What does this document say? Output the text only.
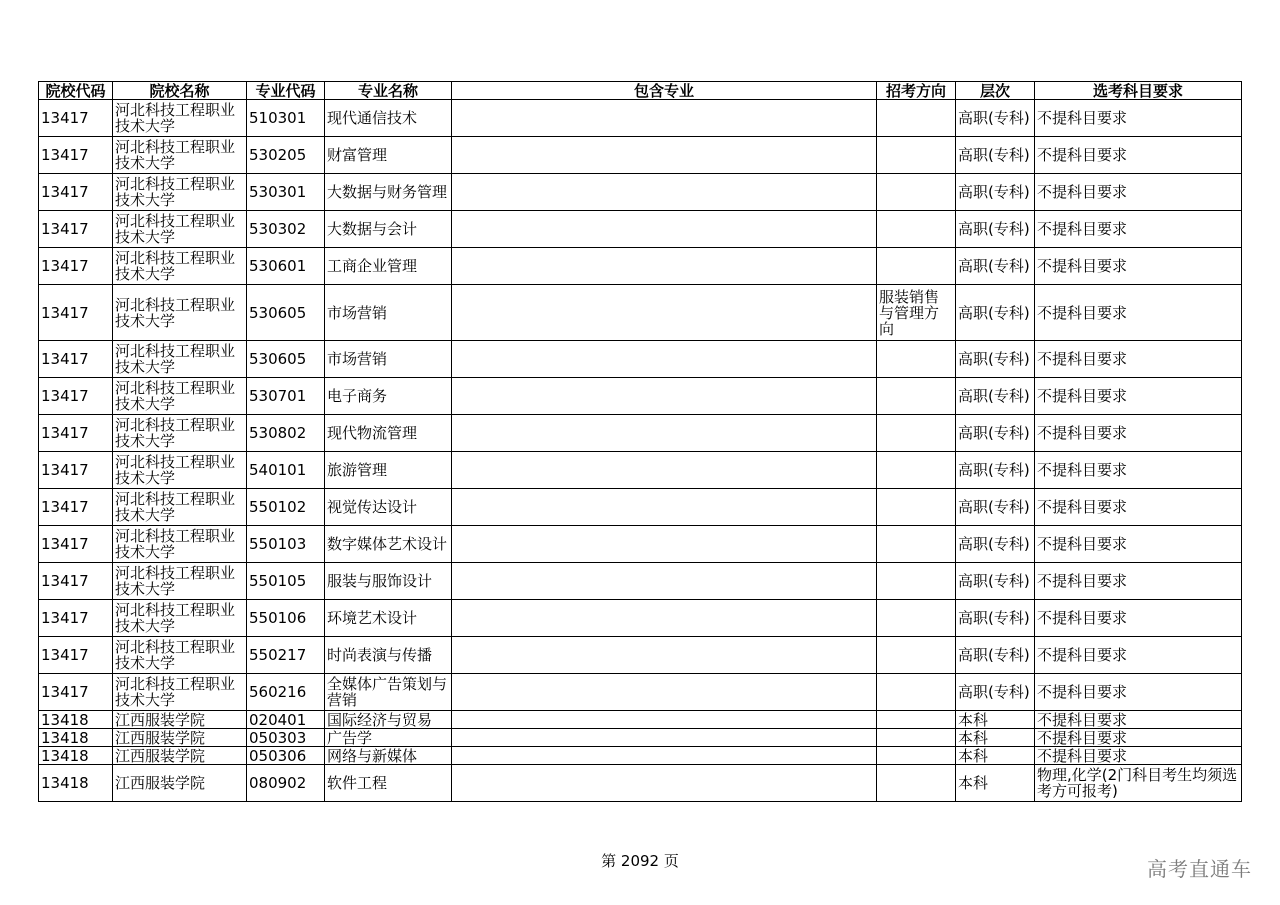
院校代码	院校名称	专业代码	专业名称	包含专业	招考方向	层次	选考科目要求
13417	河北科技工程职业技术大学	510301	现代通信技术			高职(专科)	不提科目要求
13417	河北科技工程职业技术大学	530205	财富管理			高职(专科)	不提科目要求
13417	河北科技工程职业技术大学	530301	大数据与财务管理			高职(专科)	不提科目要求
13417	河北科技工程职业技术大学	530302	大数据与会计			高职(专科)	不提科目要求
13417	河北科技工程职业技术大学	530601	工商企业管理			高职(专科)	不提科目要求
13417	河北科技工程职业技术大学	530605	市场营销		服装销售与管理方向	高职(专科)	不提科目要求
13417	河北科技工程职业技术大学	530605	市场营销			高职(专科)	不提科目要求
13417	河北科技工程职业技术大学	530701	电子商务			高职(专科)	不提科目要求
13417	河北科技工程职业技术大学	530802	现代物流管理			高职(专科)	不提科目要求
13417	河北科技工程职业技术大学	540101	旅游管理			高职(专科)	不提科目要求
13417	河北科技工程职业技术大学	550102	视觉传达设计			高职(专科)	不提科目要求
13417	河北科技工程职业技术大学	550103	数字媒体艺术设计			高职(专科)	不提科目要求
13417	河北科技工程职业技术大学	550105	服装与服饰设计			高职(专科)	不提科目要求
13417	河北科技工程职业技术大学	550106	环境艺术设计			高职(专科)	不提科目要求
13417	河北科技工程职业技术大学	550217	时尚表演与传播			高职(专科)	不提科目要求
13417	河北科技工程职业技术大学	560216	全媒体广告策划与营销			高职(专科)	不提科目要求
13418	江西服装学院	020401	国际经济与贸易			本科	不提科目要求
13418	江西服装学院	050303	广告学			本科	不提科目要求
13418	江西服装学院	050306	网络与新媒体			本科	不提科目要求
13418	江西服装学院	080902	软件工程			本科	物理,化学(2门科目考生均须选考方可报考)
第 2092 页	高考直通车
